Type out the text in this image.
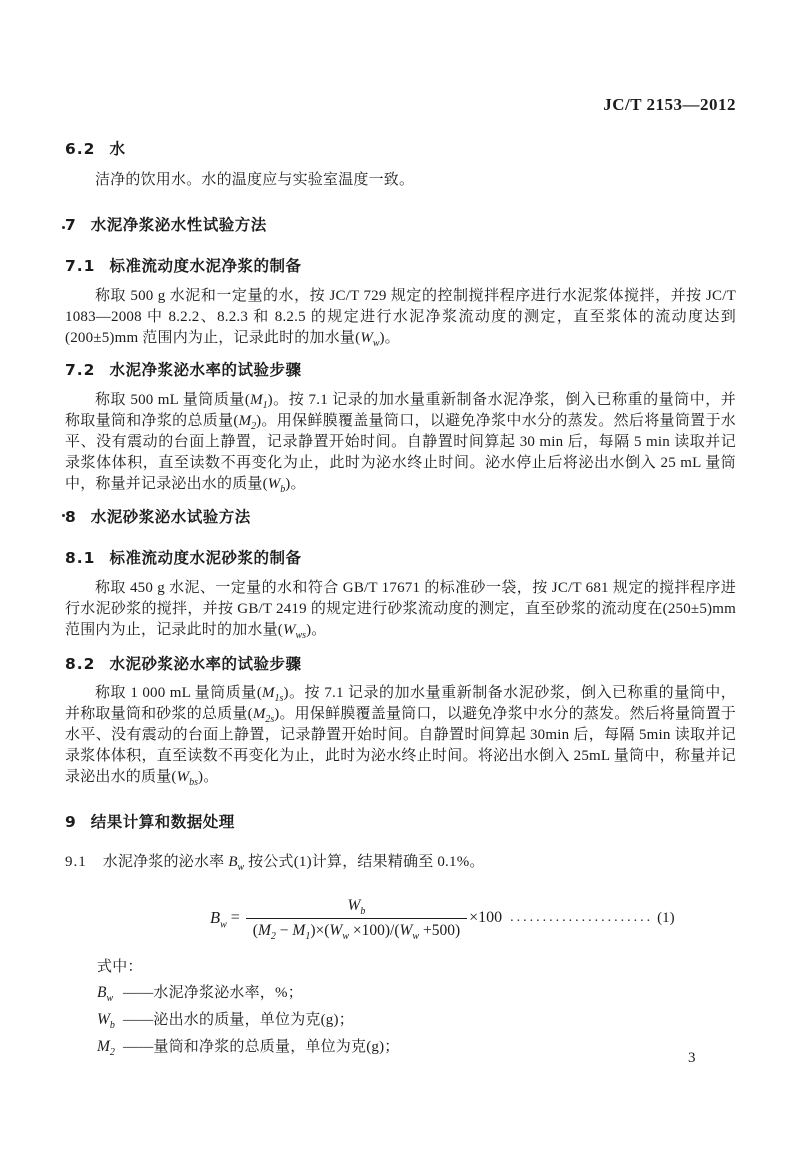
JC/T 2153—2012
6.2 水

洁净的饮用水。水的温度应与实验室温度一致。

7 水泥净浆泌水性试验方法
7.1 标准流动度水泥净浆的制备

称取 500 g 水泥和一定量的水，按 JC/T 729 规定的控制搅拌程序进行水泥浆体搅拌，并按 JC/T 1083—2008 中 8.2.2、8.2.3 和 8.2.5 的规定进行水泥净浆流动度的测定，直至浆体的流动度达到(200±5)mm 范围内为止，记录此时的加水量$(W_w)$。

7.2 水泥净浆泌水率的试验步骤

称取 500 mL 量筒质量$(M_1)$。按 7.1 记录的加水量重新制备水泥净浆，倒入已称重的量筒中，并称取量筒和净浆的总质量$(M_2)$。用保鲜膜覆盖量筒口，以避免净浆中水分的蒸发。然后将量筒置于水平、没有震动的台面上静置，记录静置开始时间。自静置时间算起 30 min 后，每隔 5 min 读取并记录浆体体积，直至读数不再变化为止，此时为泌水终止时间。泌水停止后将泌出水倒入 25 mL 量筒中，称量并记录泌出水的质量$(W_b)$。

8 水泥砂浆泌水试验方法
8.1 标准流动度水泥砂浆的制备

称取 450 g 水泥、一定量的水和符合 GB/T 17671 的标准砂一袋，按 JC/T 681 规定的搅拌程序进行水泥砂浆的搅拌，并按 GB/T 2419 的规定进行砂浆流动度的测定，直至砂浆的流动度在(250±5)mm 范围内为止，记录此时的加水量$(W_{ws})$。

8.2 水泥砂浆泌水率的试验步骤

称取 1 000 mL 量筒质量$(M_{1s})$。按 7.1 记录的加水量重新制备水泥砂浆，倒入已称重的量筒中，并称取量筒和砂浆的总质量$(M_{2s})$。用保鲜膜覆盖量筒口，以避免净浆中水分的蒸发。然后将量筒置于水平、没有震动的台面上静置，记录静置开始时间。自静置时间算起 30min 后，每隔 5min 读取并记录浆体体积，直至读数不再变化为止，此时为泌水终止时间。将泌出水倒入 25mL 量筒中，称量并记录泌出水的质量$(W_{bs})$。

9 结果计算和数据处理

9.1 水泥净浆的泌水率 $B_w$ 按公式(1)计算，结果精确至 0.1%。

$B_w = \frac{W_b}{(M_2 - M_1)\times(W_w \times 100)/(W_w +500)} \times 100$ ...................... (1)

式中：

$B_w$ ——水泥净浆泌水率，%；

$W_b$ ——泌出水的质量，单位为克(g)；

$M_2$ ——量筒和净浆的总质量，单位为克(g)；

3
